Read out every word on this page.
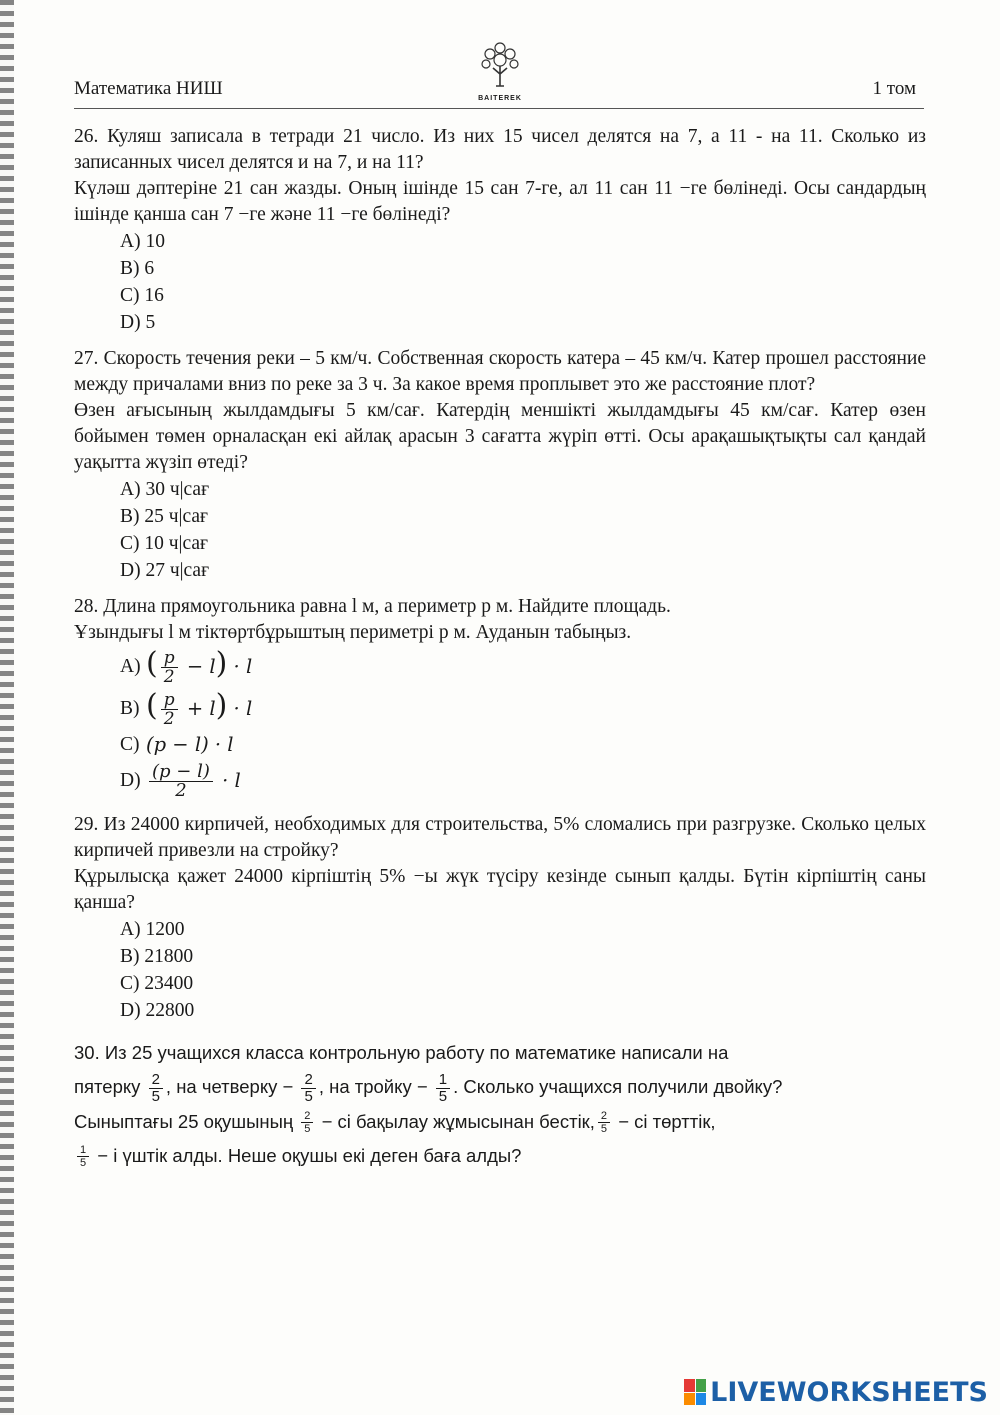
BAITEREK
Математика НИШ	1 том

26. Куляш записала в тетради 21 число. Из них 15 чисел делятся на 7, а 11 - на 11. Сколько из записанных чисел делятся и на 7, и на 11?

Күләш дәптеріне 21 сан жазды. Оның ішінде 15 сан 7-ге, ал 11 сан 11 −ге бөлінеді. Осы сандардың ішінде қанша сан 7 −ге және 11 −ге бөлінеді?

A) 10
B) 6
C) 16
D) 5

27. Скорость течения реки – 5 км/ч. Собственная скорость катера – 45 км/ч. Катер прошел расстояние между причалами вниз по реке за 3 ч. За какое время проплывет это же расстояние плот?

Өзен ағысының жылдамдығы 5 км/сағ. Катердің меншікті жылдамдығы 45 км/сағ. Катер өзен бойымен төмен орналасқан екі айлақ арасын 3 сағатта жүріп өтті. Осы арақашықтықты сал қандай уақытта жүзіп өтеді?

A) 30 ч|сағ
B) 25 ч|сағ
C) 10 ч|сағ
D) 27 ч|сағ

28. Длина прямоугольника равна l м, а периметр p м. Найдите площадь.

Ұзындығы l м тіктөртбұрыштың периметрі p м. Ауданын табыңыз.

A) ( $\frac{p}{2} - l) \cdot l$
B) ( $\frac{p}{2} + l) \cdot l$
C) (p − l) · l
$D) \frac{(p - l)}{2} \cdot l$

29. Из 24000 кирпичей, необходимых для строительства, 5% сломались при разгрузке. Сколько целых кирпичей привезли на стройку?

Құрылысқа қажет 24000 кірпіштің 5% −ы жүк түсіру кезінде сынып қалды. Бүтін кірпіштің саны қанша?

A) 1200
B) 21800
C) 23400
D) 22800
30. Из 25 учащихся класса контрольную работу по математике написали на
пятерку $\frac{2}{5}$ , на четверку − $\frac{2}{5}$ , на тройку − $\frac{1}{5}$ . Сколько учащихся получили двойку?
Сыныптағы 25 оқушының $\frac{2}{5}$ − сі бақылау жұмысынан бестік, $\frac{2}{5}$ − сі төрттік,
$\frac{1}{5} - і$ үштік алды. Неше оқушы екі деген баға алды?
LIVEWORKSHEETS
